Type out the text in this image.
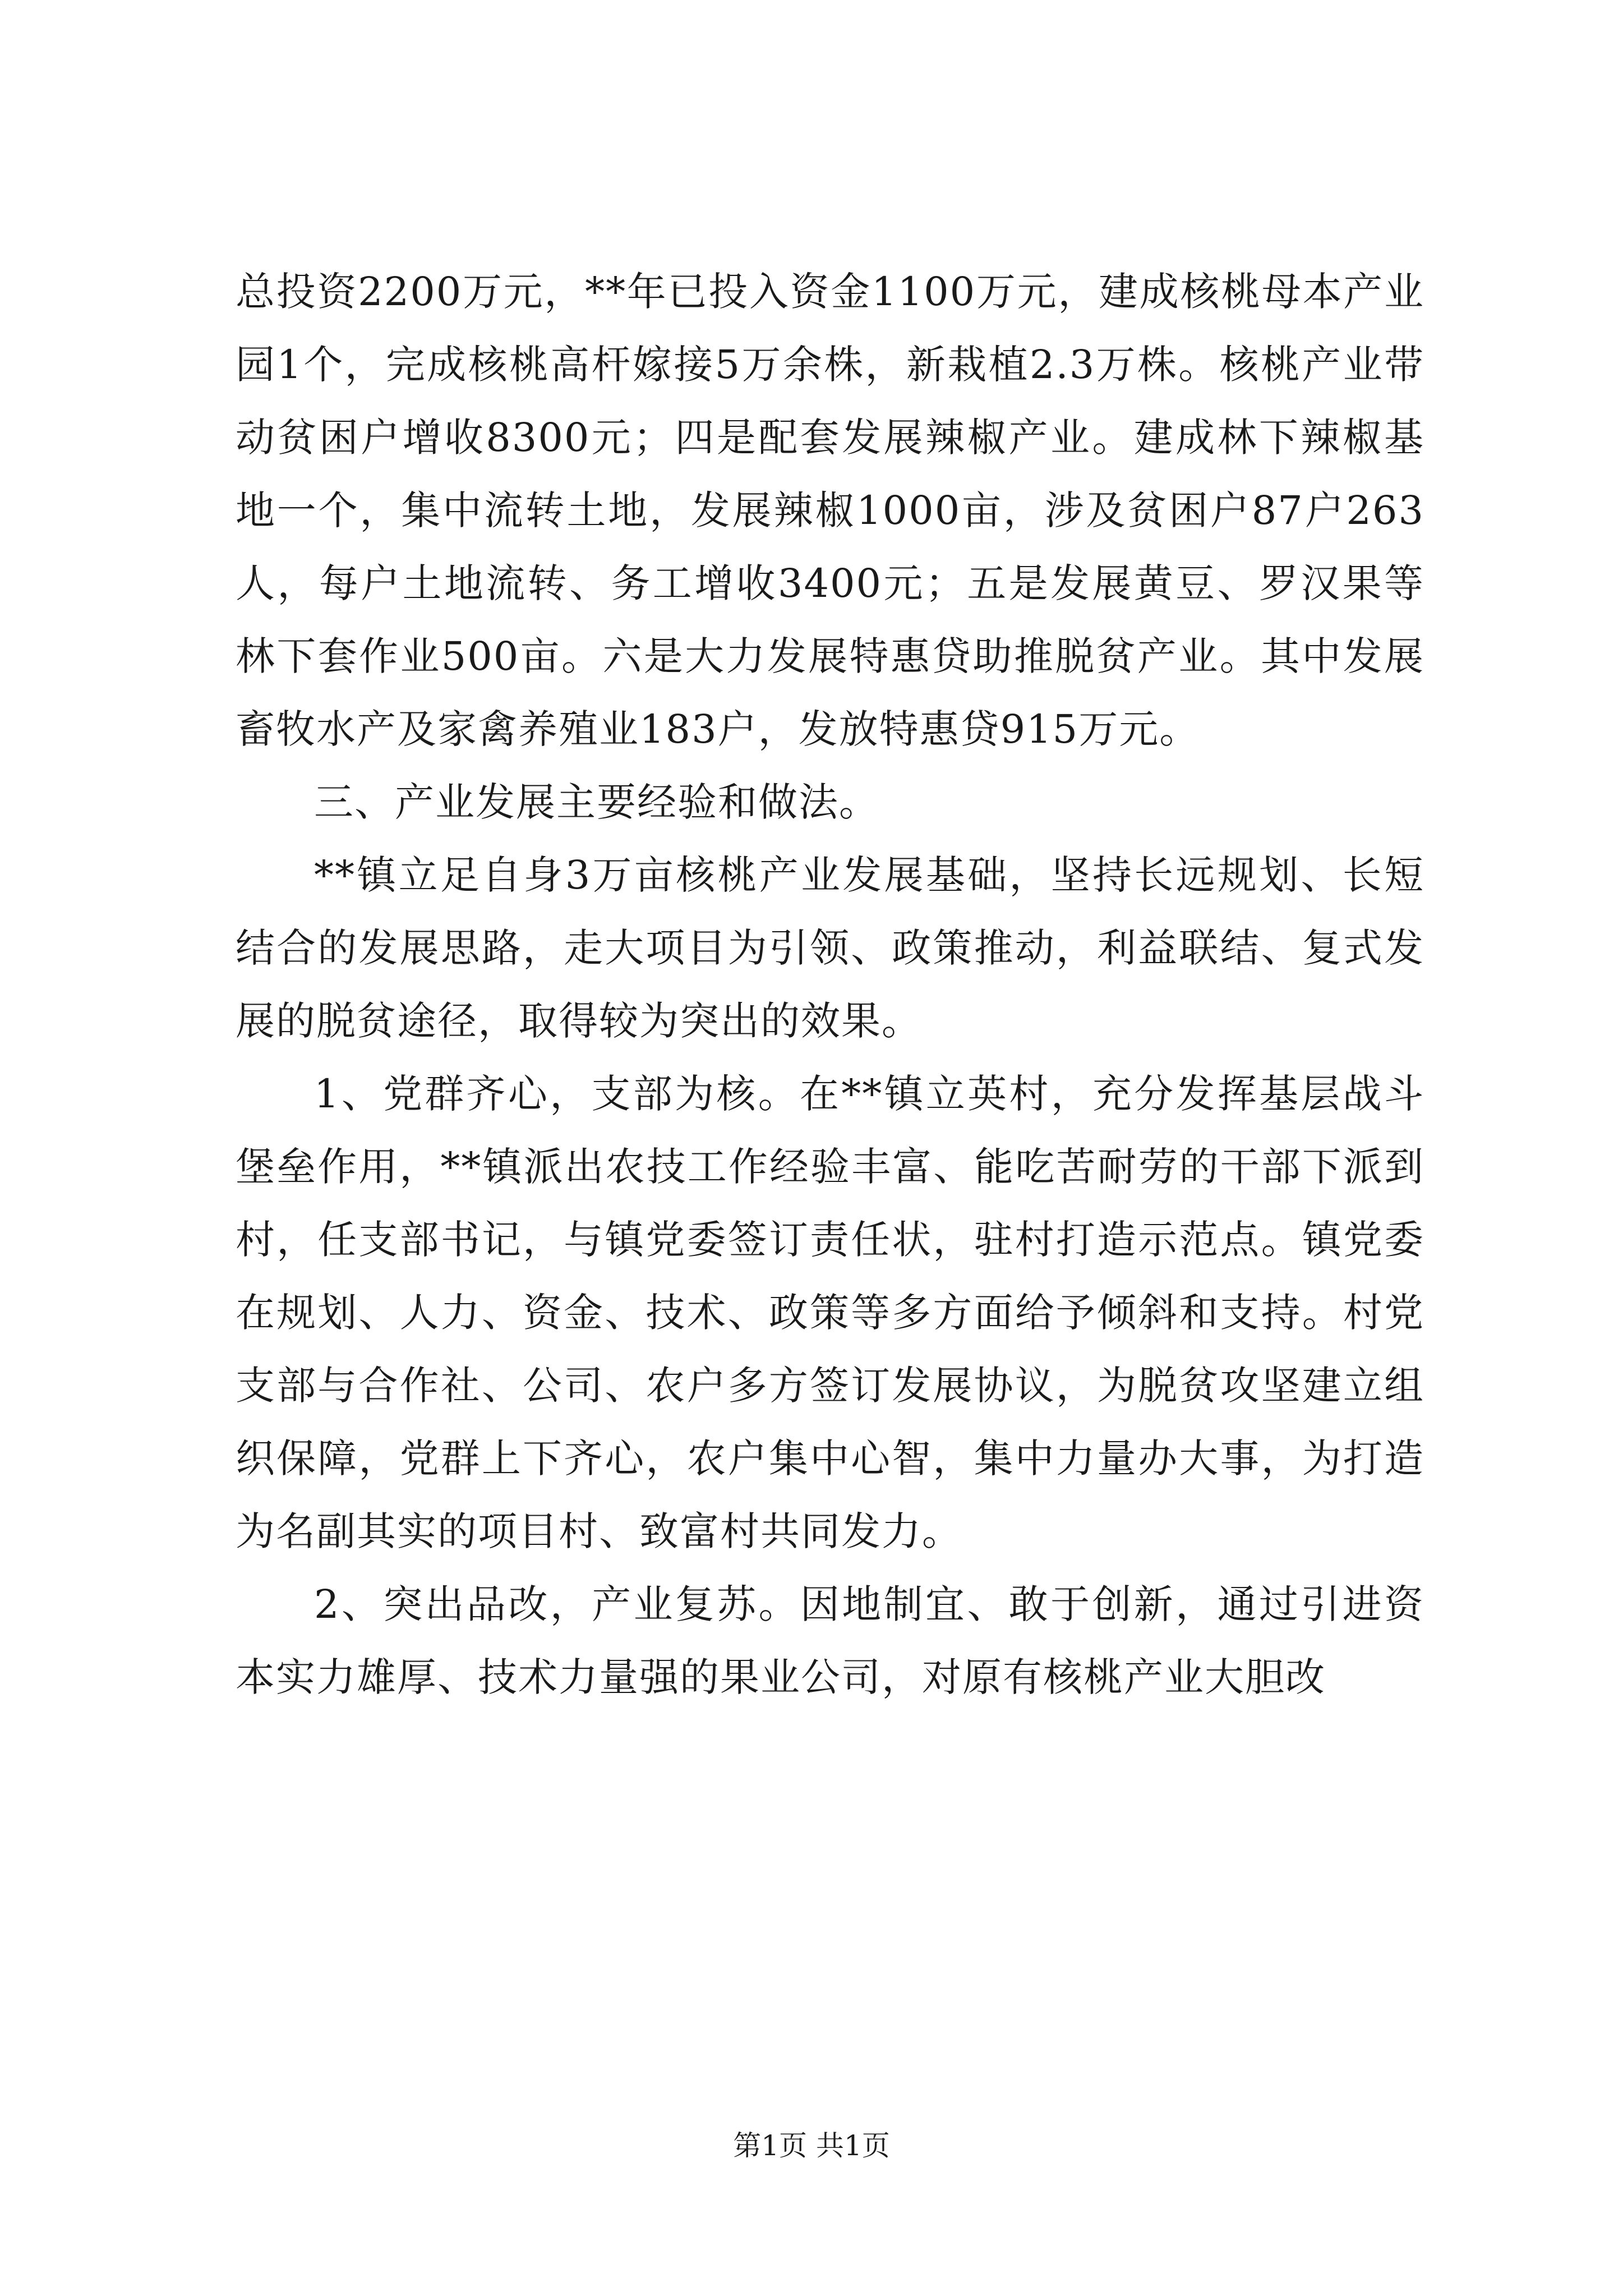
总投资2200万元，**年已投入资金1100万元，建成核桃母本产业园1个，完成核桃高杆嫁接5万余株，新栽植2.3万株。核桃产业带动贫困户增收8300元；四是配套发展辣椒产业。建成林下辣椒基地一个，集中流转土地，发展辣椒1000亩，涉及贫困户87户263人，每户土地流转、务工增收3400元；五是发展黄豆、罗汉果等林下套作业500亩。六是大力发展特惠贷助推脱贫产业。其中发展畜牧水产及家禽养殖业183户，发放特惠贷915万元。

三、产业发展主要经验和做法。

**镇立足自身3万亩核桃产业发展基础，坚持长远规划、长短结合的发展思路，走大项目为引领、政策推动，利益联结、复式发展的脱贫途径，取得较为突出的效果。

1、党群齐心，支部为核。在**镇立英村，充分发挥基层战斗堡垒作用，**镇派出农技工作经验丰富、能吃苦耐劳的干部下派到村，任支部书记，与镇党委签订责任状，驻村打造示范点。镇党委在规划、人力、资金、技术、政策等多方面给予倾斜和支持。村党支部与合作社、公司、农户多方签订发展协议，为脱贫攻坚建立组织保障，党群上下齐心，农户集中心智，集中力量办大事，为打造为名副其实的项目村、致富村共同发力。

2、突出品改，产业复苏。因地制宜、敢于创新，通过引进资本实力雄厚、技术力量强的果业公司，对原有核桃产业大胆改

第1页 共1页
